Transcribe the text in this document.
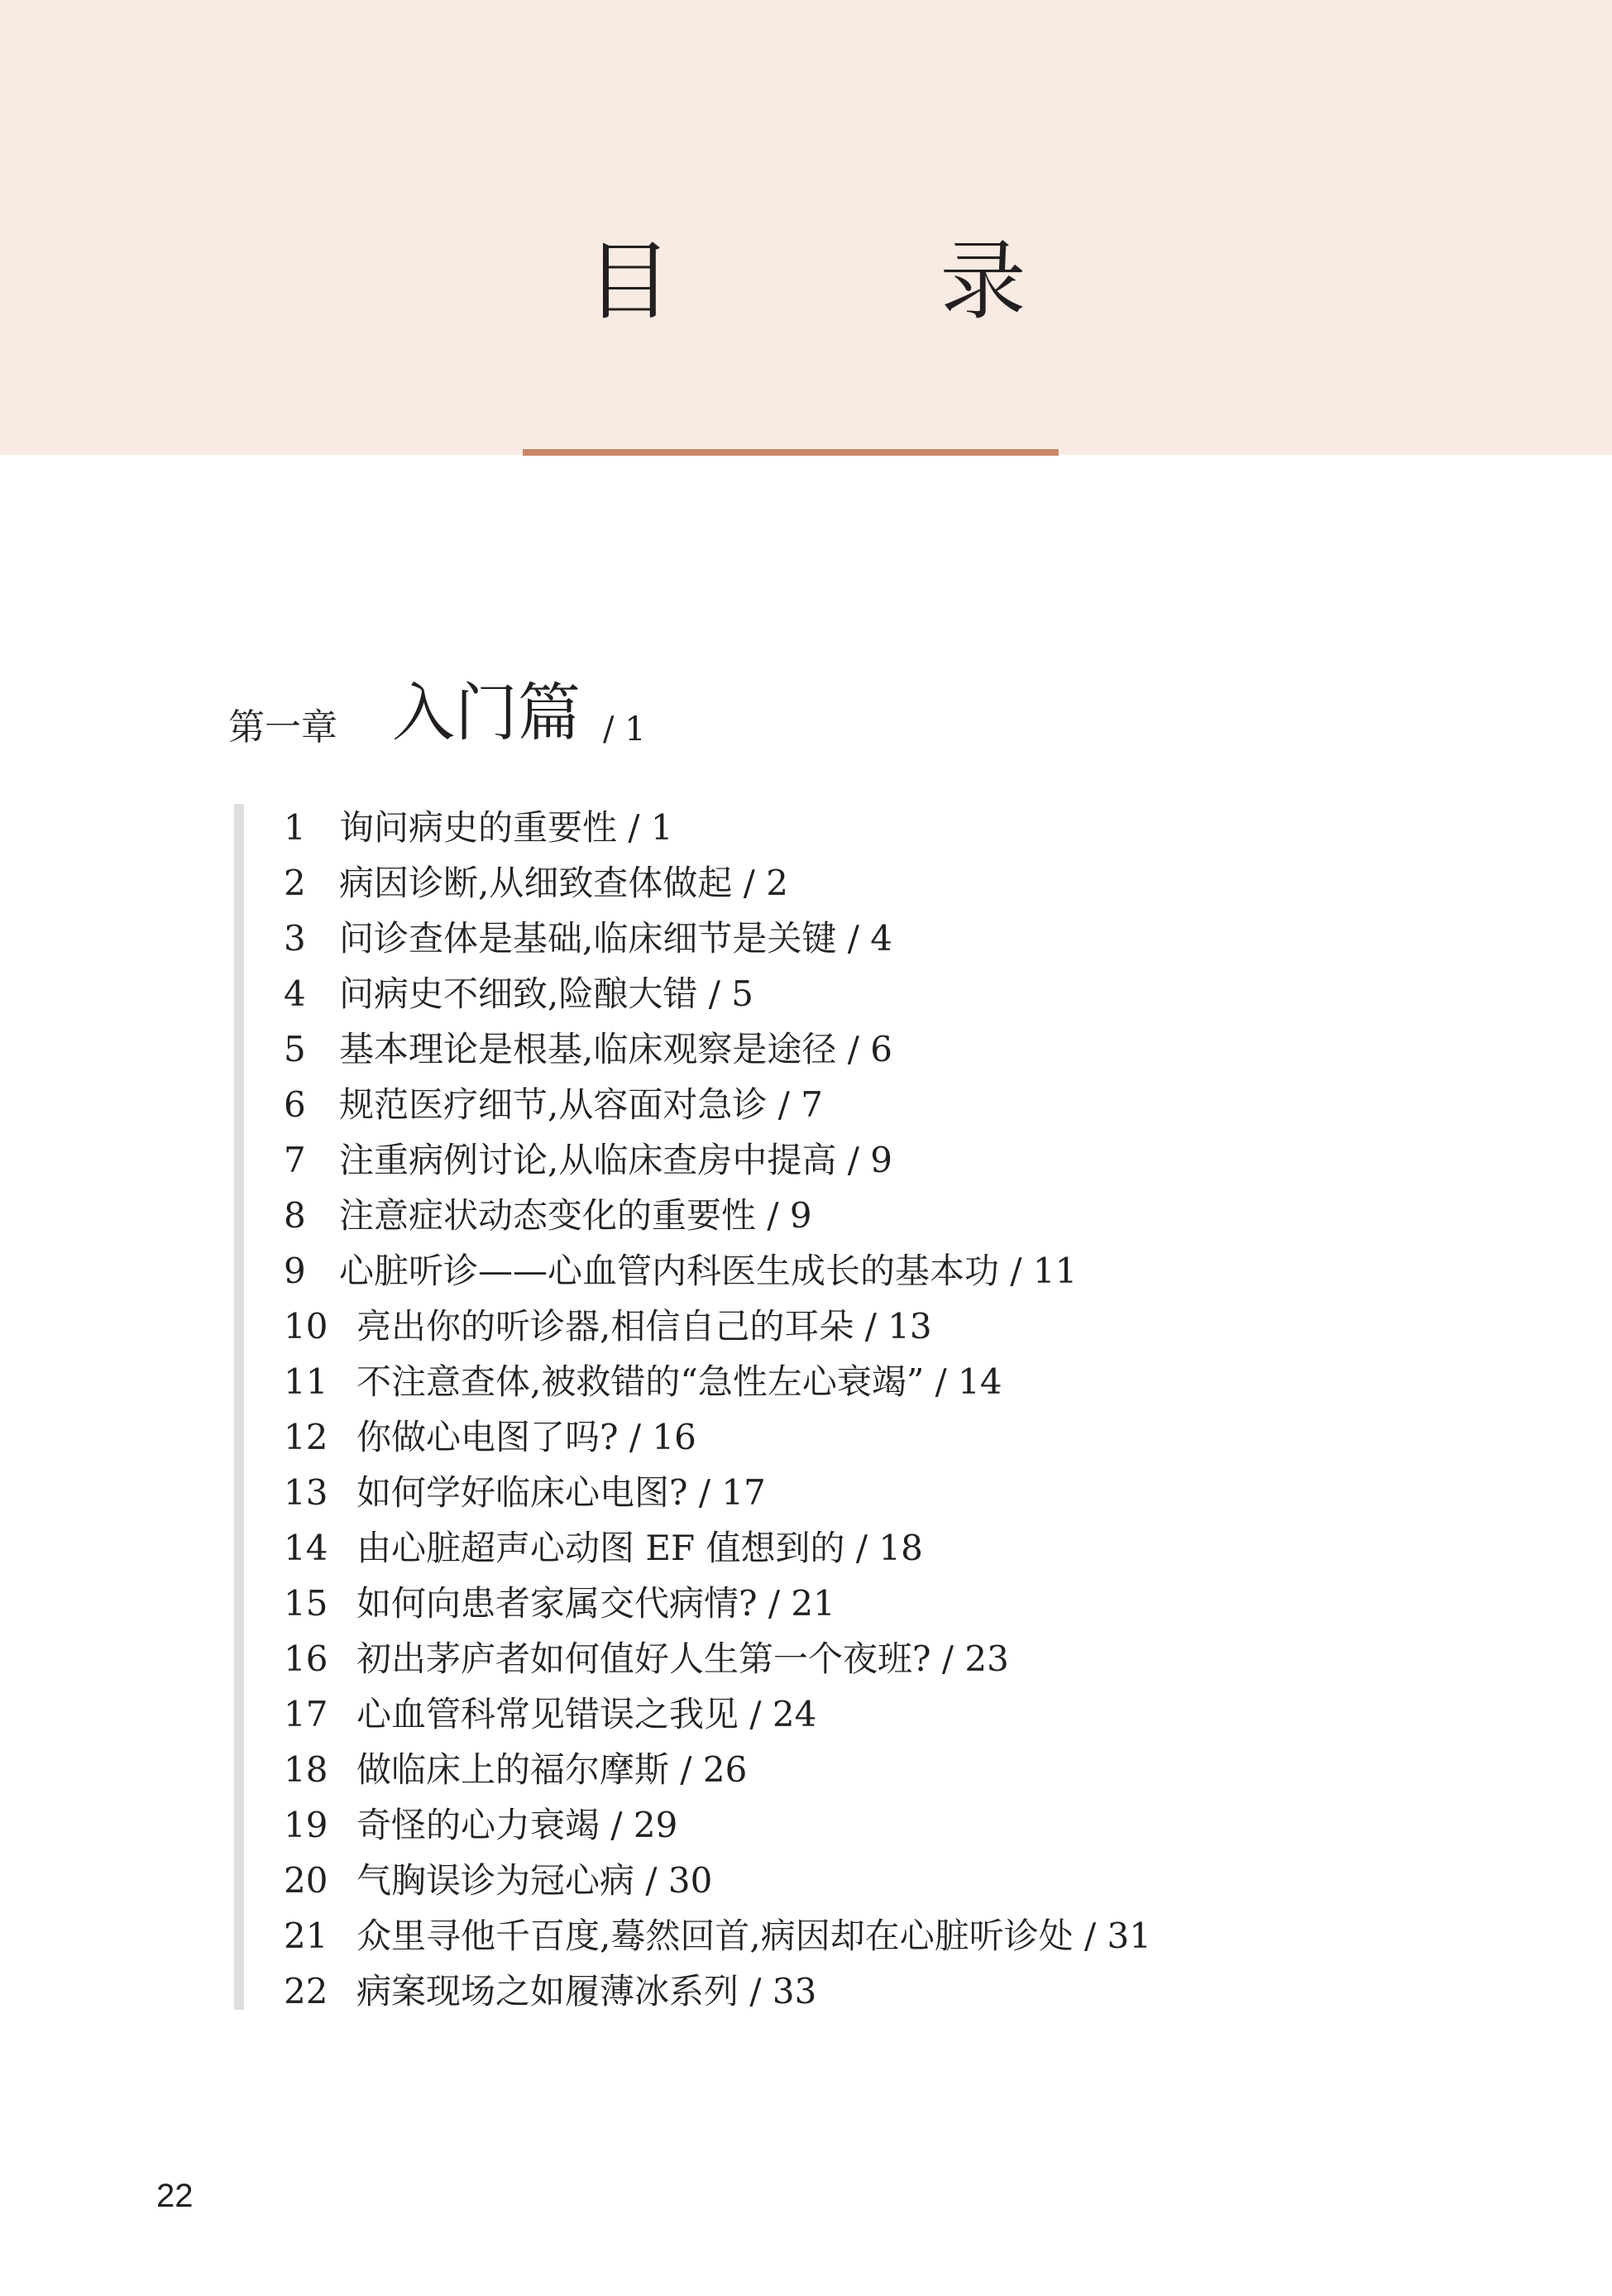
目　录
第一章 入门篇 / 1
1 询问病史的重要性 / 1
2 病因诊断,从细致查体做起 / 2
3 问诊查体是基础,临床细节是关键 / 4
4 问病史不细致,险酿大错 / 5
5 基本理论是根基,临床观察是途径 / 6
6 规范医疗细节,从容面对急诊 / 7
7 注重病例讨论,从临床查房中提高 / 9
8 注意症状动态变化的重要性 / 9
9 心脏听诊——心血管内科医生成长的基本功 / 11
10 亮出你的听诊器,相信自己的耳朵 / 13
11 不注意查体,被救错的“急性左心衰竭” / 14
12 你做心电图了吗? / 16
13 如何学好临床心电图? / 17
14 由心脏超声心动图 EF 值想到的 / 18
15 如何向患者家属交代病情? / 21
16 初出茅庐者如何值好人生第一个夜班? / 23
17 心血管科常见错误之我见 / 24
18 做临床上的福尔摩斯 / 26
19 奇怪的心力衰竭 / 29
20 气胸误诊为冠心病 / 30
21 众里寻他千百度,蓦然回首,病因却在心脏听诊处 / 31
22 病案现场之如履薄冰系列 / 33
22
